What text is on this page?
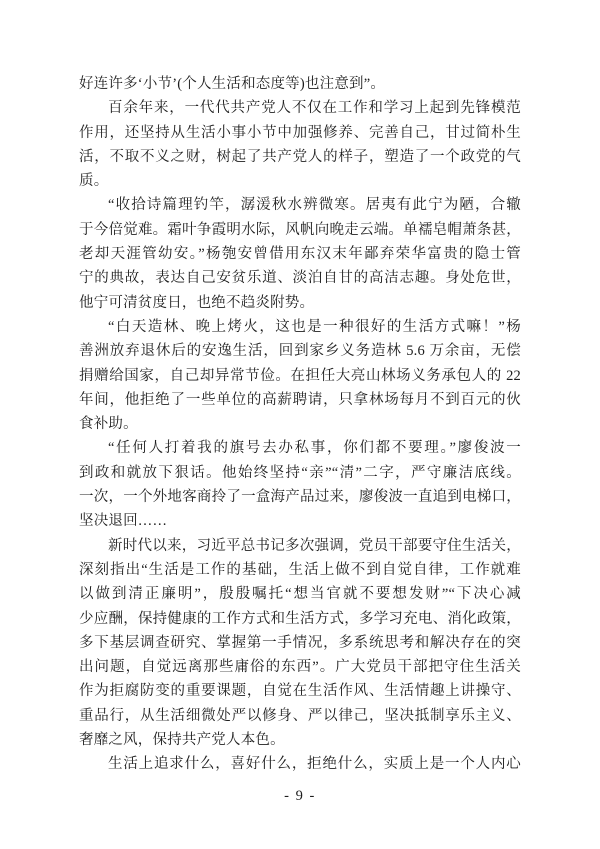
好连许多‘小节’(个人生活和态度等)也注意到”。
百余年来，一代代共产党人不仅在工作和学习上起到先锋模范
作用，还坚持从生活小事小节中加强修养、完善自己，甘过简朴生
活，不取不义之财，树起了共产党人的样子，塑造了一个政党的气
质。
“收拾诗篇理钓竿，潺湲秋水辨微寒。居夷有此宁为陋，合辙
于今倍觉难。霜叶争霞明水际，风帆向晚走云端。单襦皂帽萧条甚，
老却天涯管幼安。”杨匏安曾借用东汉末年鄙弃荣华富贵的隐士管
宁的典故，表达自己安贫乐道、淡泊自甘的高洁志趣。身处危世，
他宁可清贫度日，也绝不趋炎附势。
“白天造林、晚上烤火，这也是一种很好的生活方式嘛！”杨
善洲放弃退休后的安逸生活，回到家乡义务造林 5.6 万余亩，无偿
捐赠给国家，自己却异常节俭。在担任大亮山林场义务承包人的 22
年间，他拒绝了一些单位的高薪聘请，只拿林场每月不到百元的伙
食补助。
“任何人打着我的旗号去办私事，你们都不要理。”廖俊波一
到政和就放下狠话。他始终坚持“亲”“清”二字，严守廉洁底线。
一次，一个外地客商拎了一盒海产品过来，廖俊波一直追到电梯口，
坚决退回……
新时代以来，习近平总书记多次强调，党员干部要守住生活关，
深刻指出“生活是工作的基础，生活上做不到自觉自律，工作就难
以做到清正廉明”，殷殷嘱托“想当官就不要想发财”“下决心减
少应酬，保持健康的工作方式和生活方式，多学习充电、消化政策，
多下基层调查研究、掌握第一手情况，多系统思考和解决存在的突
出问题，自觉远离那些庸俗的东西”。广大党员干部把守住生活关
作为拒腐防变的重要课题，自觉在生活作风、生活情趣上讲操守、
重品行，从生活细微处严以修身、严以律己，坚决抵制享乐主义、
奢靡之风，保持共产党人本色。
生活上追求什么，喜好什么，拒绝什么，实质上是一个人内心
- 9 -
